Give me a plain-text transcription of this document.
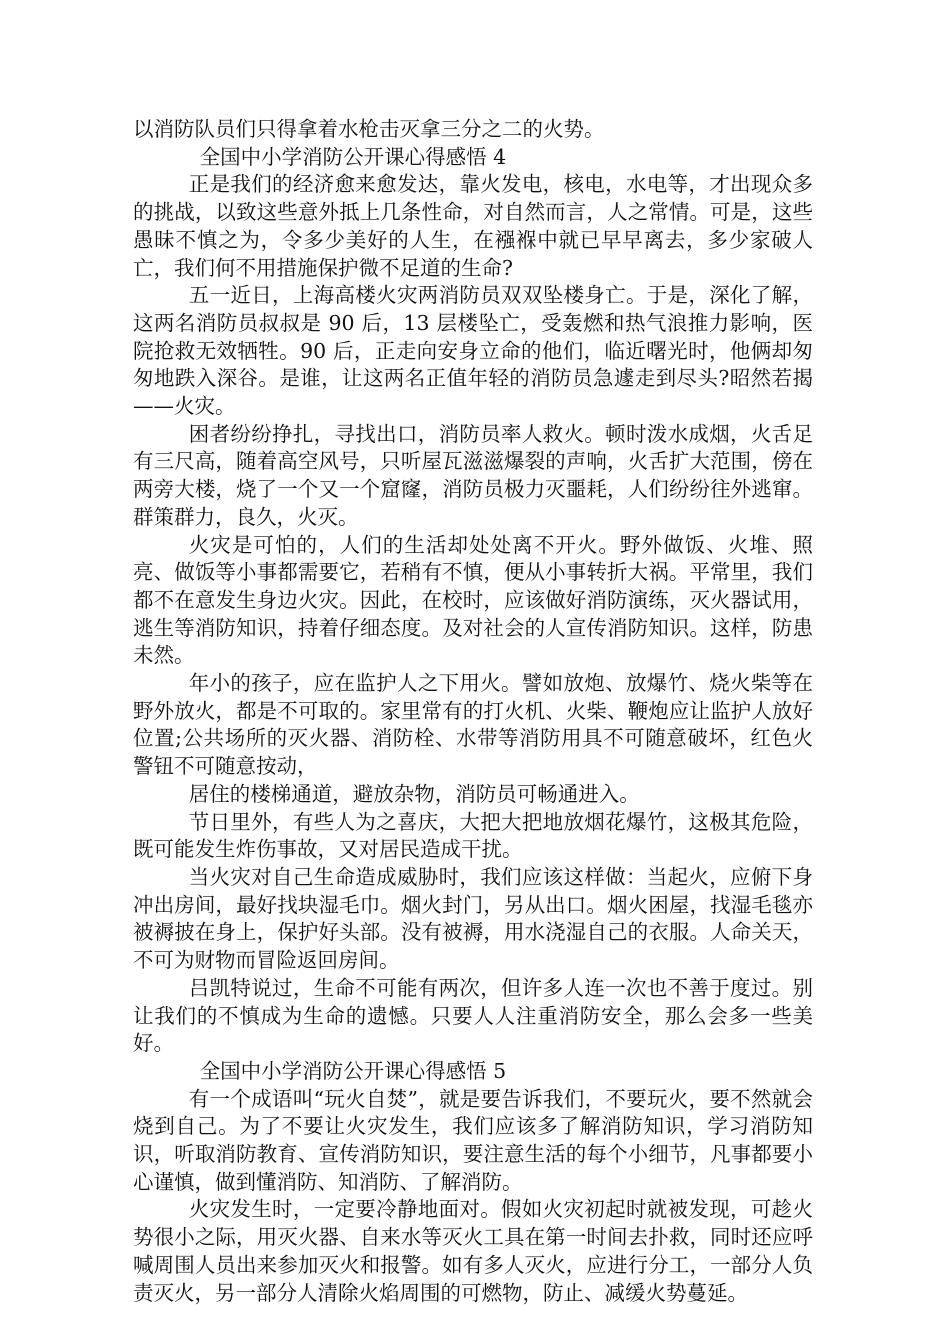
以消防队员们只得拿着水枪击灭拿三分之二的火势。

全国中小学消防公开课心得感悟 4

正是我们的经济愈来愈发达，靠火发电，核电，水电等，才出现众多的挑战，以致这些意外抵上几条性命，对自然而言，人之常情。可是，这些愚昧不慎之为，令多少美好的人生，在襁褓中就已早早离去，多少家破人亡，我们何不用措施保护微不足道的生命?

五一近日，上海高楼火灾两消防员双双坠楼身亡。于是，深化了解，这两名消防员叔叔是 90 后，13 层楼坠亡，受轰燃和热气浪推力影响，医院抢救无效牺牲。90 后，正走向安身立命的他们，临近曙光时，他俩却匆匆地跌入深谷。是谁，让这两名正值年轻的消防员急遽走到尽头?昭然若揭——火灾。

困者纷纷挣扎，寻找出口，消防员率人救火。顿时泼水成烟，火舌足有三尺高，随着高空风号，只听屋瓦滋滋爆裂的声响，火舌扩大范围，傍在两旁大楼，烧了一个又一个窟窿，消防员极力灭噩耗，人们纷纷往外逃窜。群策群力，良久，火灭。

火灾是可怕的，人们的生活却处处离不开火。野外做饭、火堆、照亮、做饭等小事都需要它，若稍有不慎，便从小事转折大祸。平常里，我们都不在意发生身边火灾。因此，在校时，应该做好消防演练，灭火器试用，逃生等消防知识，持着仔细态度。及对社会的人宣传消防知识。这样，防患未然。

年小的孩子，应在监护人之下用火。譬如放炮、放爆竹、烧火柴等在野外放火，都是不可取的。家里常有的打火机、火柴、鞭炮应让监护人放好位置;公共场所的灭火器、消防栓、水带等消防用具不可随意破坏，红色火警钮不可随意按动，

居住的楼梯通道，避放杂物，消防员可畅通进入。

节日里外，有些人为之喜庆，大把大把地放烟花爆竹，这极其危险，既可能发生炸伤事故，又对居民造成干扰。

当火灾对自己生命造成威胁时，我们应该这样做：当起火，应俯下身冲出房间，最好找块湿毛巾。烟火封门，另从出口。烟火困屋，找湿毛毯亦被褥披在身上，保护好头部。没有被褥，用水浇湿自己的衣服。人命关天，不可为财物而冒险返回房间。

吕凯特说过，生命不可能有两次，但许多人连一次也不善于度过。别让我们的不慎成为生命的遗憾。只要人人注重消防安全，那么会多一些美好。

全国中小学消防公开课心得感悟 5

有一个成语叫“玩火自焚”，就是要告诉我们，不要玩火，要不然就会烧到自己。为了不要让火灾发生，我们应该多了解消防知识，学习消防知识，听取消防教育、宣传消防知识，要注意生活的每个小细节，凡事都要小心谨慎，做到懂消防、知消防、了解消防。

火灾发生时，一定要冷静地面对。假如火灾初起时就被发现，可趁火势很小之际，用灭火器、自来水等灭火工具在第一时间去扑救，同时还应呼喊周围人员出来参加灭火和报警。如有多人灭火，应进行分工，一部分人负责灭火，另一部分人清除火焰周围的可燃物，防止、减缓火势蔓延。
